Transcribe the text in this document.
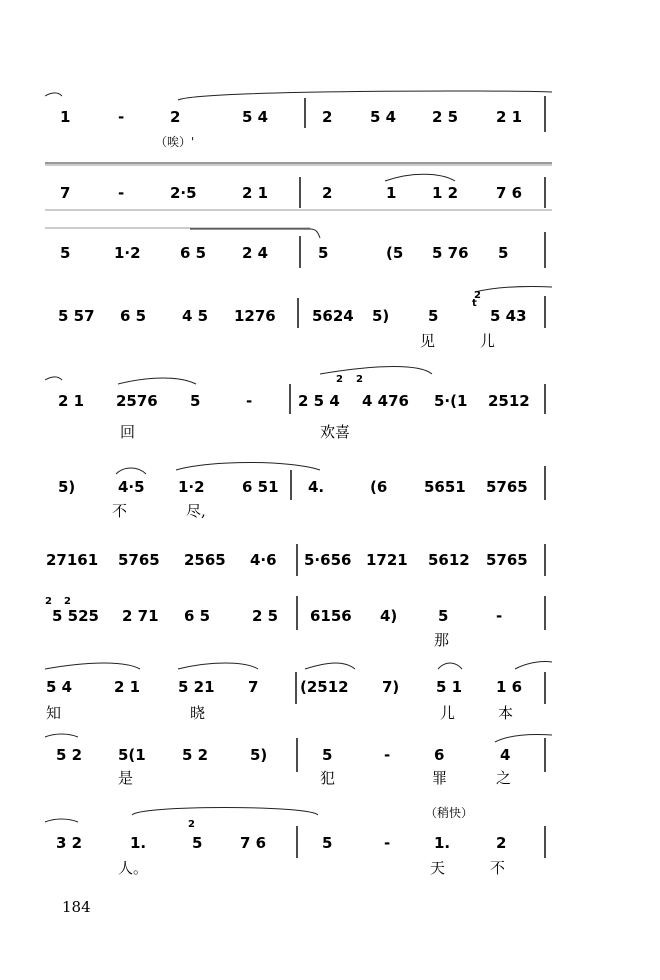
1	-	2	5 4	2	5 4 2 5	2 1
7	-	2·5	2 1	2	1 1 2	7 6
5	1·2	6 5 2 4	5	(5 5 76 5
5 57 6 5 4 5 1276 5624 5)	5	5 43
2 1 2576 5	-	2 5 4 4 476 5·(1 2512
5)	4·5 1·2 6 51 4.	(6 5651 5765
27161 5765 2565 4·6 5·656 1721 5612 5765
5 525 2 71 6 5	2 5 6156 4)	5	-
5 4	2 1	5 21 7	(2512 7) 5 1 1 6
5 2 5(1 5 2	5)	5	-	6	4
3 2	1.	5	7 6	5	-	1.	2
（唉）'
见	儿
回	欢喜
不	尽,
那
知	晓	儿	本
是	犯	罪	之
人。	天	不
2
t
2 2
2 2
2
（稍快）
184
